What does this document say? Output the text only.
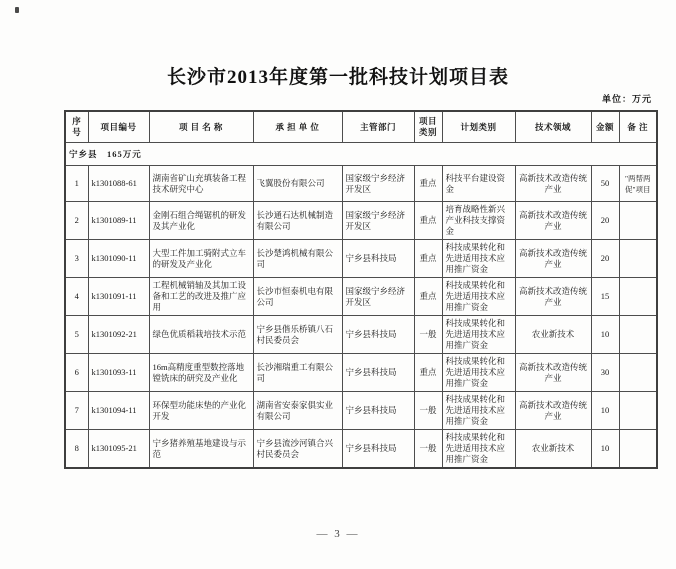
长沙市2013年度第一批科技计划项目表
单位：万元
序号	项目编号	项 目 名 称	承 担 单 位	主管部门	项目类别	计划类别	技术领域	金额	备 注
宁乡县　165万元									
1	k1301088-61	湖南省矿山充填装备工程技术研究中心	飞翼股份有限公司	国家级宁乡经济开发区	重点	科技平台建设资金	高新技术改造传统产业	50	"两帮两促"项目
2	k1301089-11	金刚石组合绳锯机的研发及其产业化	长沙通石达机械制造有限公司	国家级宁乡经济开发区	重点	培育战略性新兴产业科技支撑资金	高新技术改造传统产业	20	
3	k1301090-11	大型工件加工骑附式立车的研发及产业化	长沙楚鸿机械有限公司	宁乡县科技局	重点	科技成果转化和先进适用技术应用推广资金	高新技术改造传统产业	20	
4	k1301091-11	工程机械销轴及其加工设备和工艺的改进及推广应用	长沙市恒泰机电有限公司	国家级宁乡经济开发区	重点	科技成果转化和先进适用技术应用推广资金	高新技术改造传统产业	15	
5	k1301092-21	绿色优质稻栽培技术示范	宁乡县偕乐桥镇八石村民委员会	宁乡县科技局	一般	科技成果转化和先进适用技术应用推广资金	农业新技术	10	
6	k1301093-11	16m高精度重型数控落地镗铣床的研究及产业化	长沙湘瑞重工有限公司	宁乡县科技局	重点	科技成果转化和先进适用技术应用推广资金	高新技术改造传统产业	30	
7	k1301094-11	环保型功能床垫的产业化开发	湖南省安泰家俱实业有限公司	宁乡县科技局	一般	科技成果转化和先进适用技术应用推广资金	高新技术改造传统产业	10	
8	k1301095-21	宁乡猪养殖基地建设与示范	宁乡县流沙河镇合兴村民委员会	宁乡县科技局	一般	科技成果转化和先进适用技术应用推广资金	农业新技术	10	
— 3 —
